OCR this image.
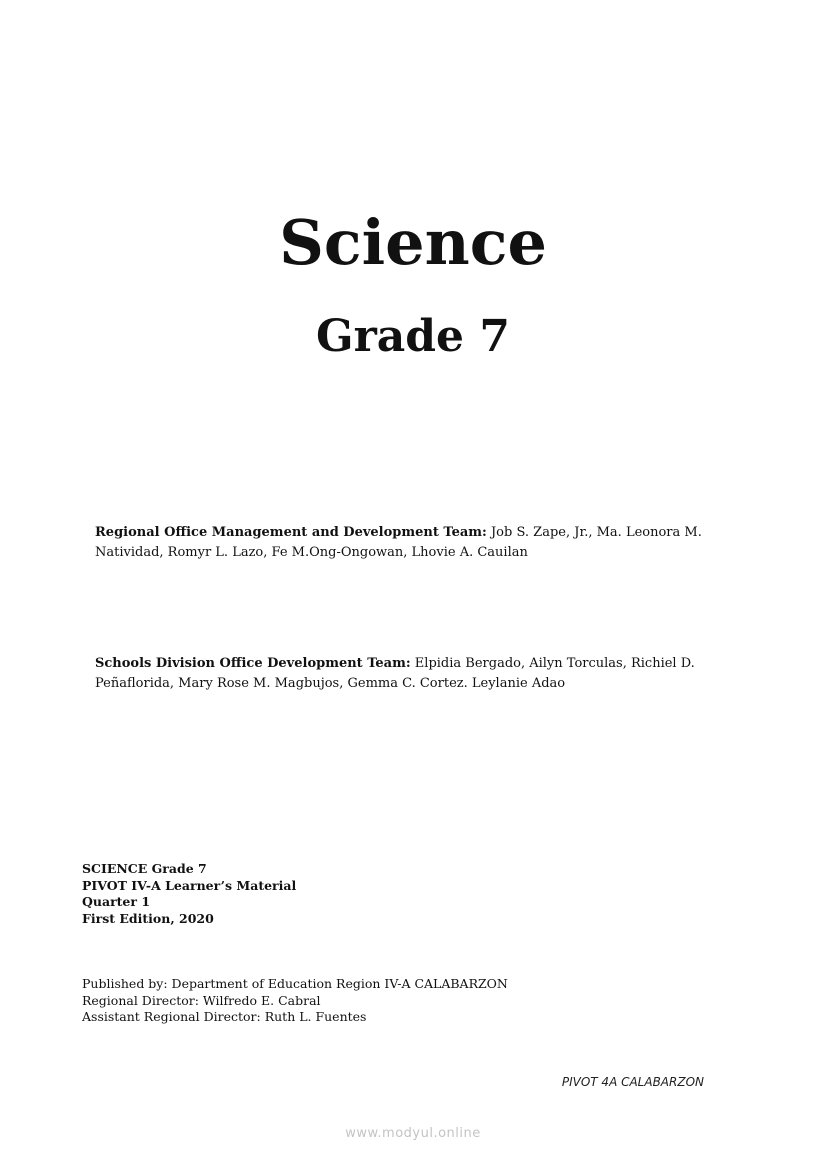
Science
Grade 7

Regional Office Management and Development Team: Job S. Zape, Jr., Ma. Leonora M. Natividad, Romyr L. Lazo, Fe M.Ong-Ongowan, Lhovie A. Cauilan

Schools Division Office Development Team: Elpidia Bergado, Ailyn Torculas, Richiel D. Peñaflorida, Mary Rose M. Magbujos, Gemma C. Cortez. Leylanie Adao

SCIENCE Grade 7
PIVOT IV-A Learner’s Material
Quarter 1
First Edition, 2020
Published by: Department of Education Region IV-A CALABARZON
Regional Director: Wilfredo E. Cabral
Assistant Regional Director: Ruth L. Fuentes
PIVOT 4A CALABARZON
www.modyul.online
